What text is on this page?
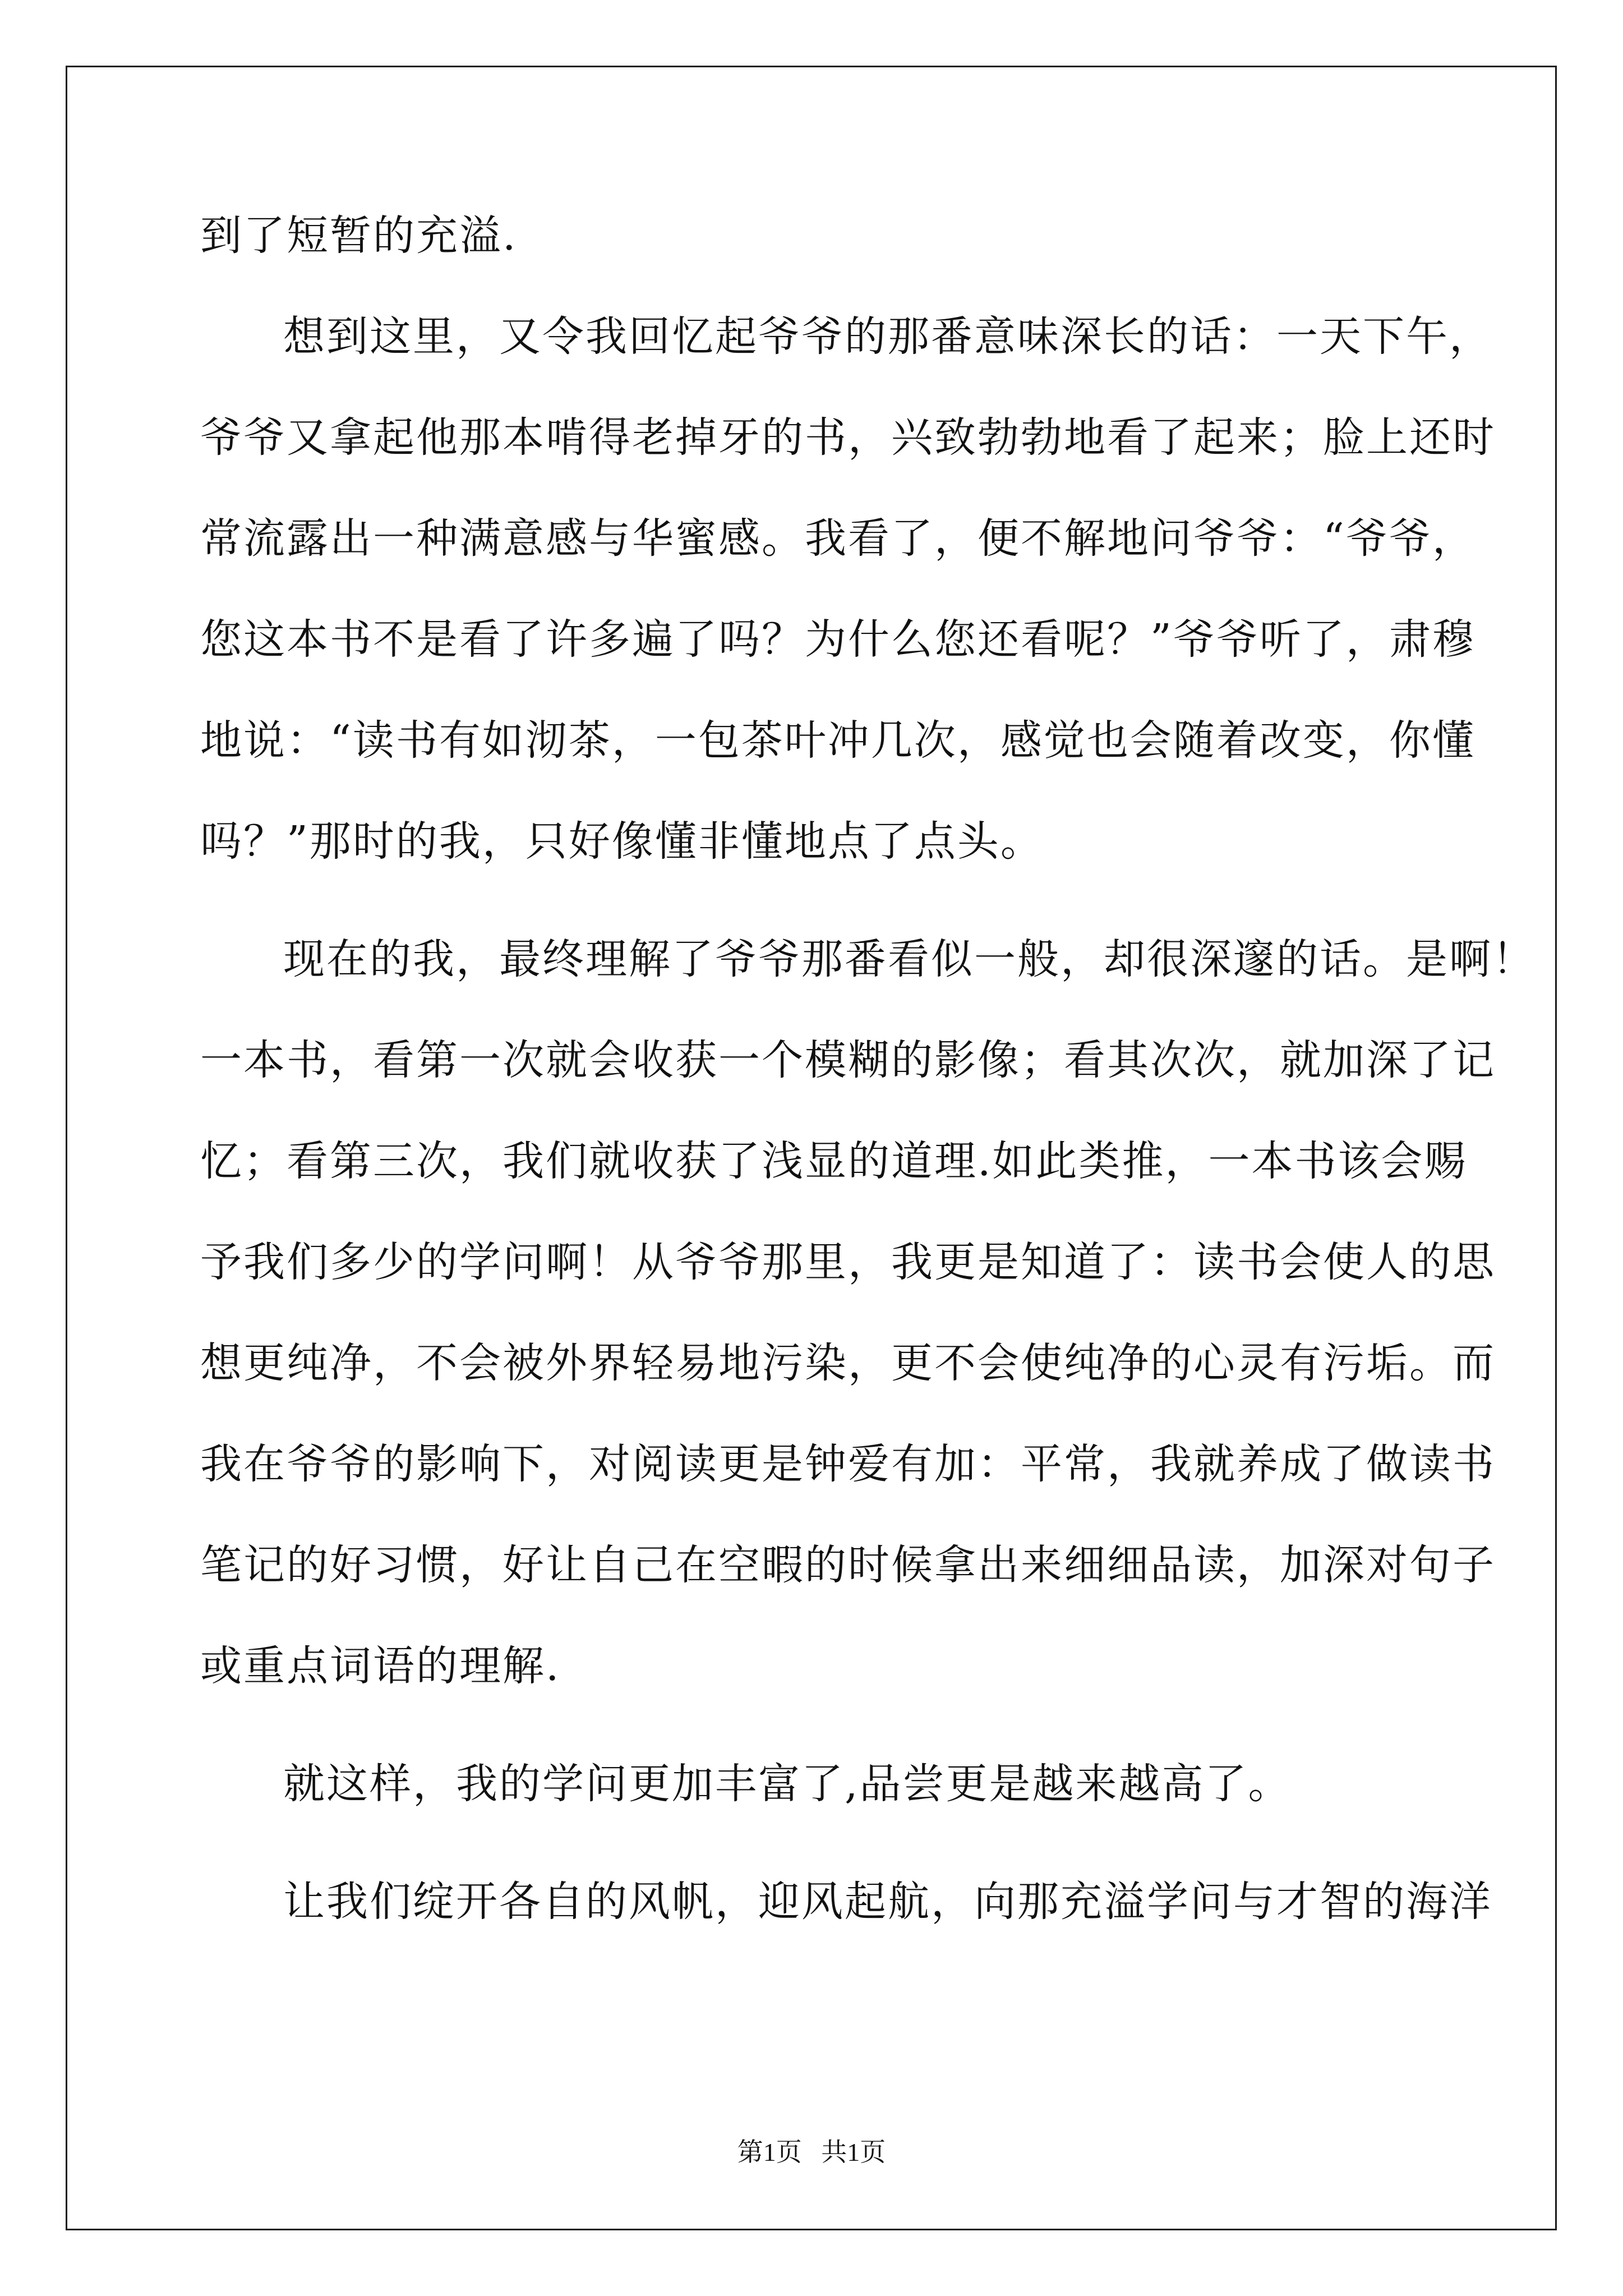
到了短暂的充溢.
想到这里，又令我回忆起爷爷的那番意味深长的话：一天下午，
爷爷又拿起他那本啃得老掉牙的书，兴致勃勃地看了起来；脸上还时
常流露出一种满意感与华蜜感。我看了，便不解地问爷爷：“爷爷，
您这本书不是看了许多遍了吗？为什么您还看呢？”爷爷听了，肃穆
地说：“读书有如沏茶，一包茶叶冲几次，感觉也会随着改变，你懂
吗？”那时的我，只好像懂非懂地点了点头。
现在的我，最终理解了爷爷那番看似一般，却很深邃的话。是啊！
一本书，看第一次就会收获一个模糊的影像；看其次次，就加深了记
忆；看第三次，我们就收获了浅显的道理.如此类推，一本书该会赐
予我们多少的学问啊！从爷爷那里，我更是知道了：读书会使人的思
想更纯净，不会被外界轻易地污染，更不会使纯净的心灵有污垢。而
我在爷爷的影响下，对阅读更是钟爱有加：平常，我就养成了做读书
笔记的好习惯，好让自己在空暇的时候拿出来细细品读，加深对句子
或重点词语的理解.
就这样，我的学问更加丰富了,品尝更是越来越高了。
让我们绽开各自的风帆，迎风起航，向那充溢学问与才智的海洋
第1页   共1页
